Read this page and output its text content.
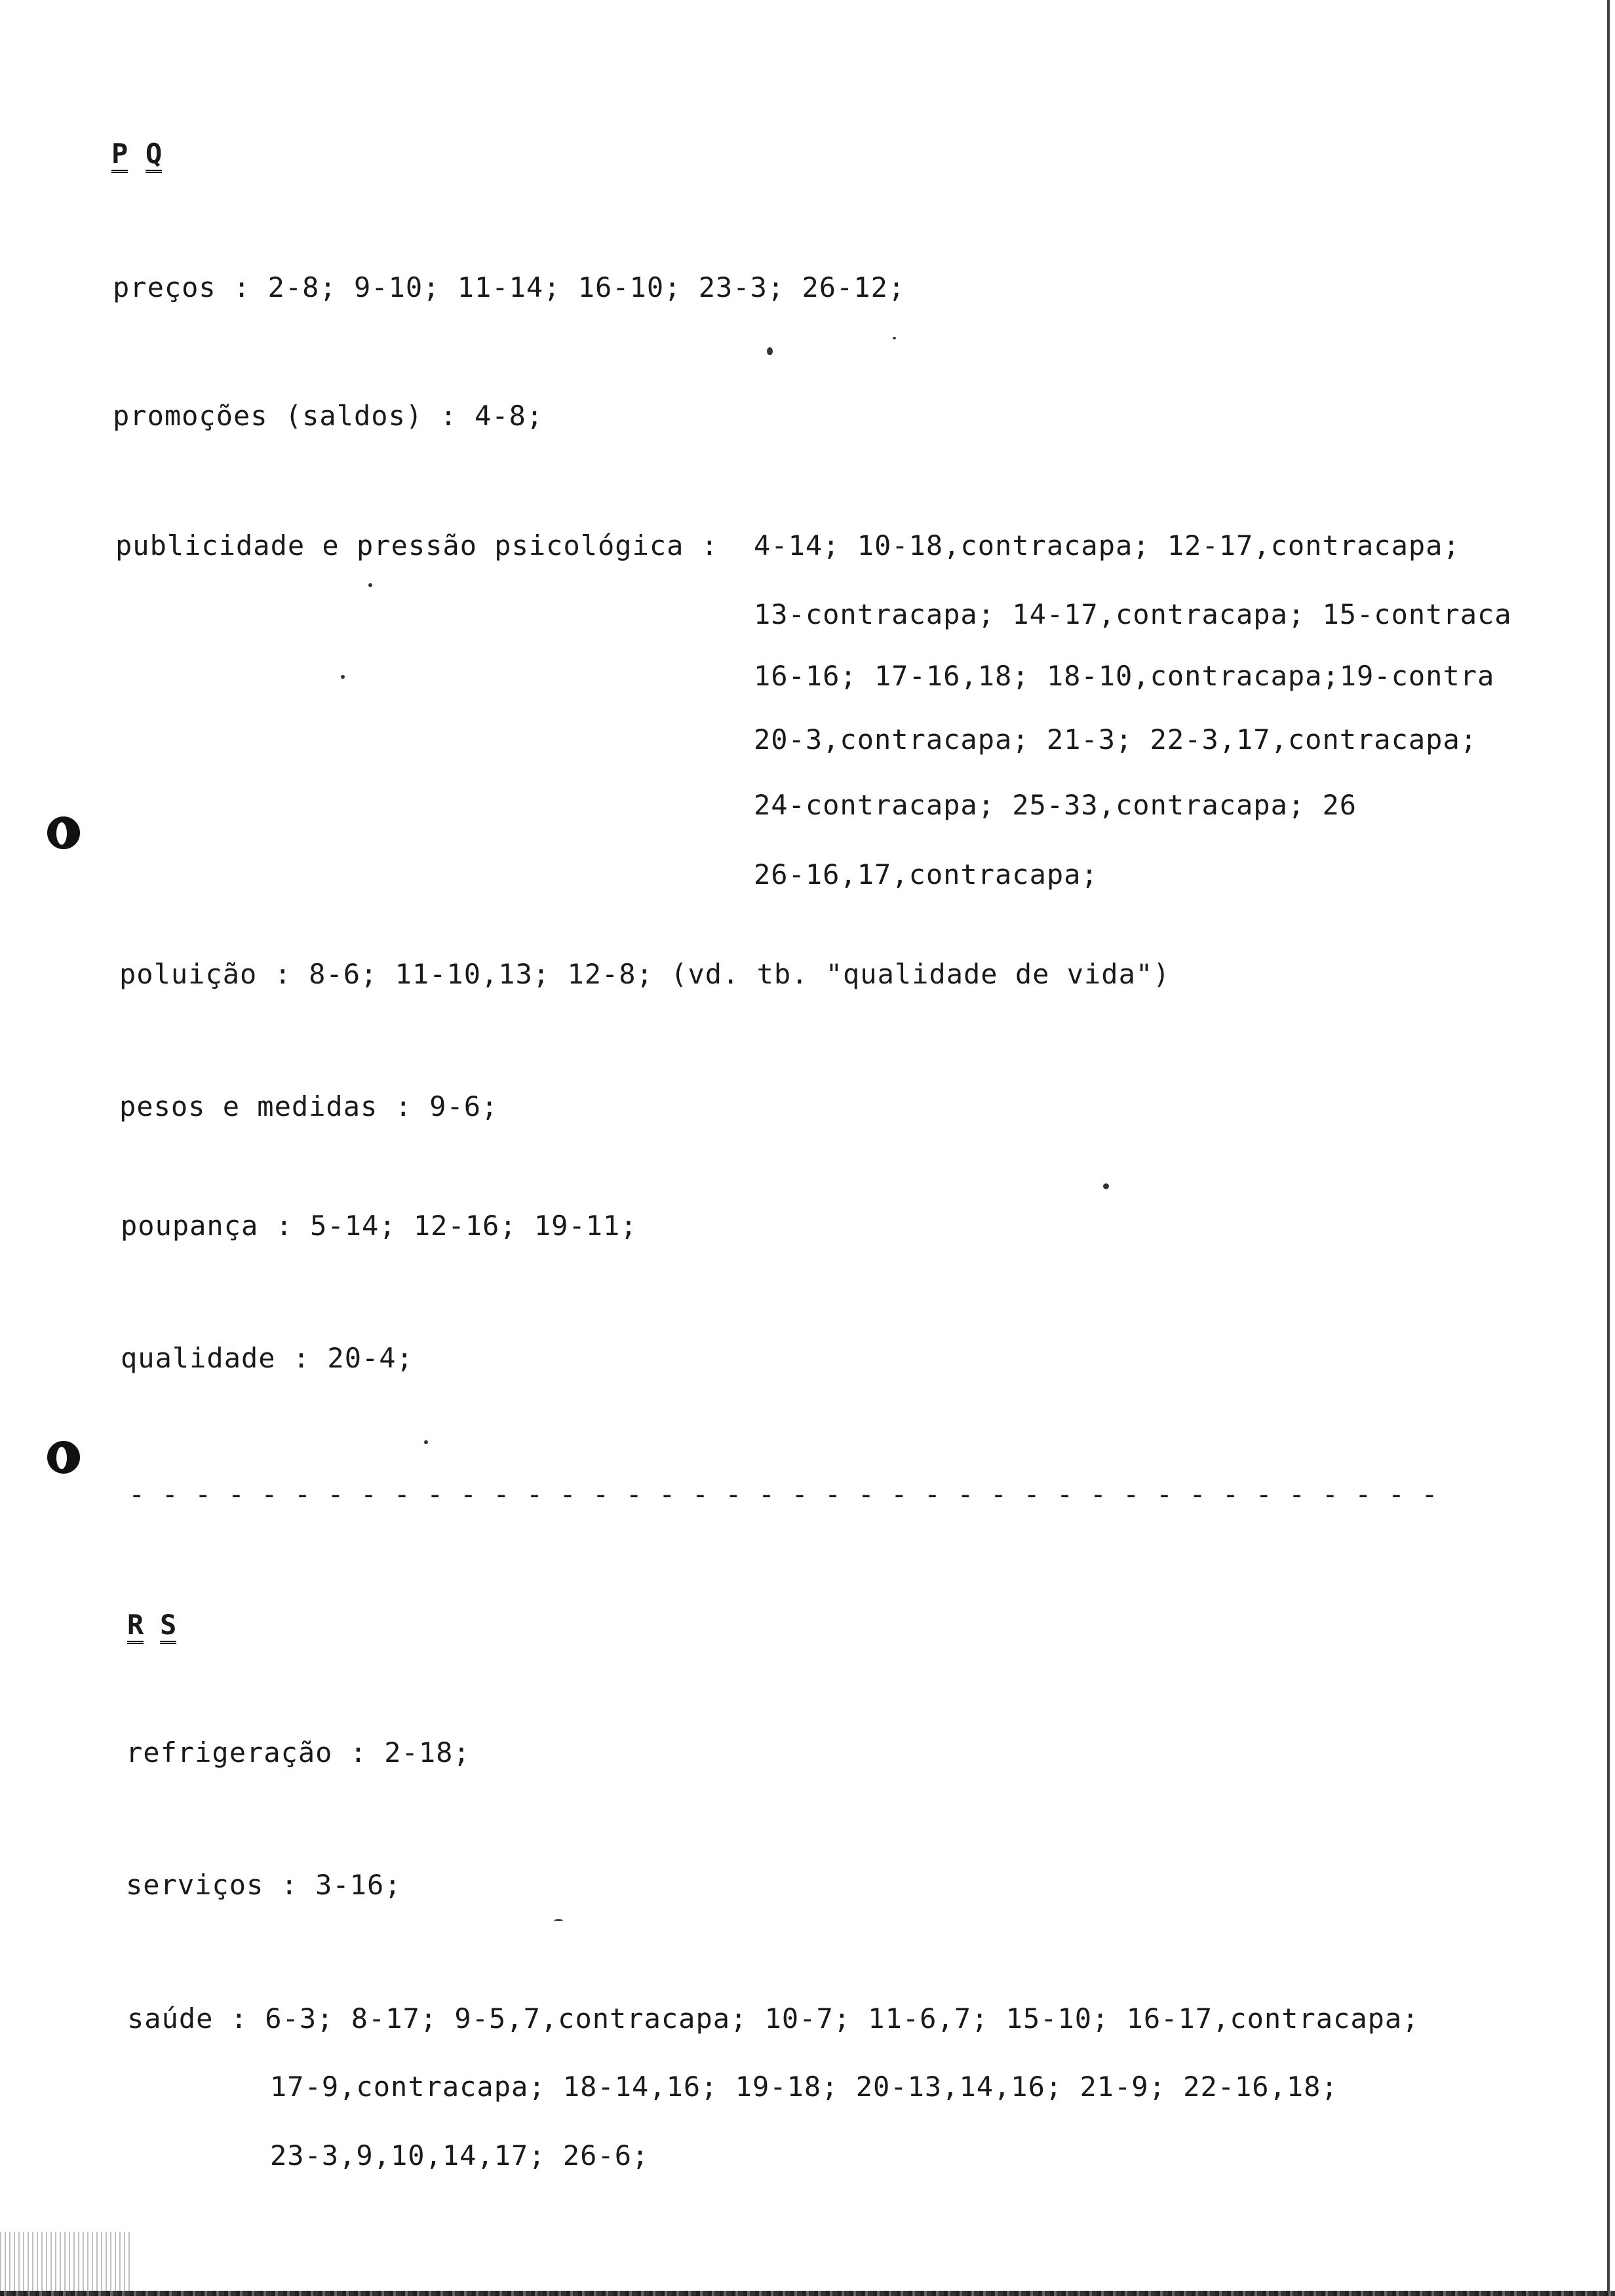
P Q
preços : 2-8; 9-10; 11-14; 16-10; 23-3; 26-12;
promoções (saldos) : 4-8;
publicidade e pressão psicológica : 4-14; 10-18,contracapa; 12-17,contracapa;
13-contracapa; 14-17,contracapa; 15-contraca
16-16; 17-16,18; 18-10,contracapa;19-contra
20-3,contracapa; 21-3; 22-3,17,contracapa;
24-contracapa; 25-33,contracapa; 26
26-16,17,contracapa;
poluição : 8-6; 11-10,13; 12-8; (vd. tb. "qualidade de vida")
pesos e medidas : 9-6;
poupança : 5-14; 12-16; 19-11;
qualidade : 20-4;
- - - - - - - - - - - - - - - - - - - - - - - - - - - - - - - - - - - - - - - -
R S
refrigeração : 2-18;
serviços : 3-16;
saúde : 6-3; 8-17; 9-5,7,contracapa; 10-7; 11-6,7; 15-10; 16-17,contracapa;
17-9,contracapa; 18-14,16; 19-18; 20-13,14,16; 21-9; 22-16,18;
23-3,9,10,14,17; 26-6;
